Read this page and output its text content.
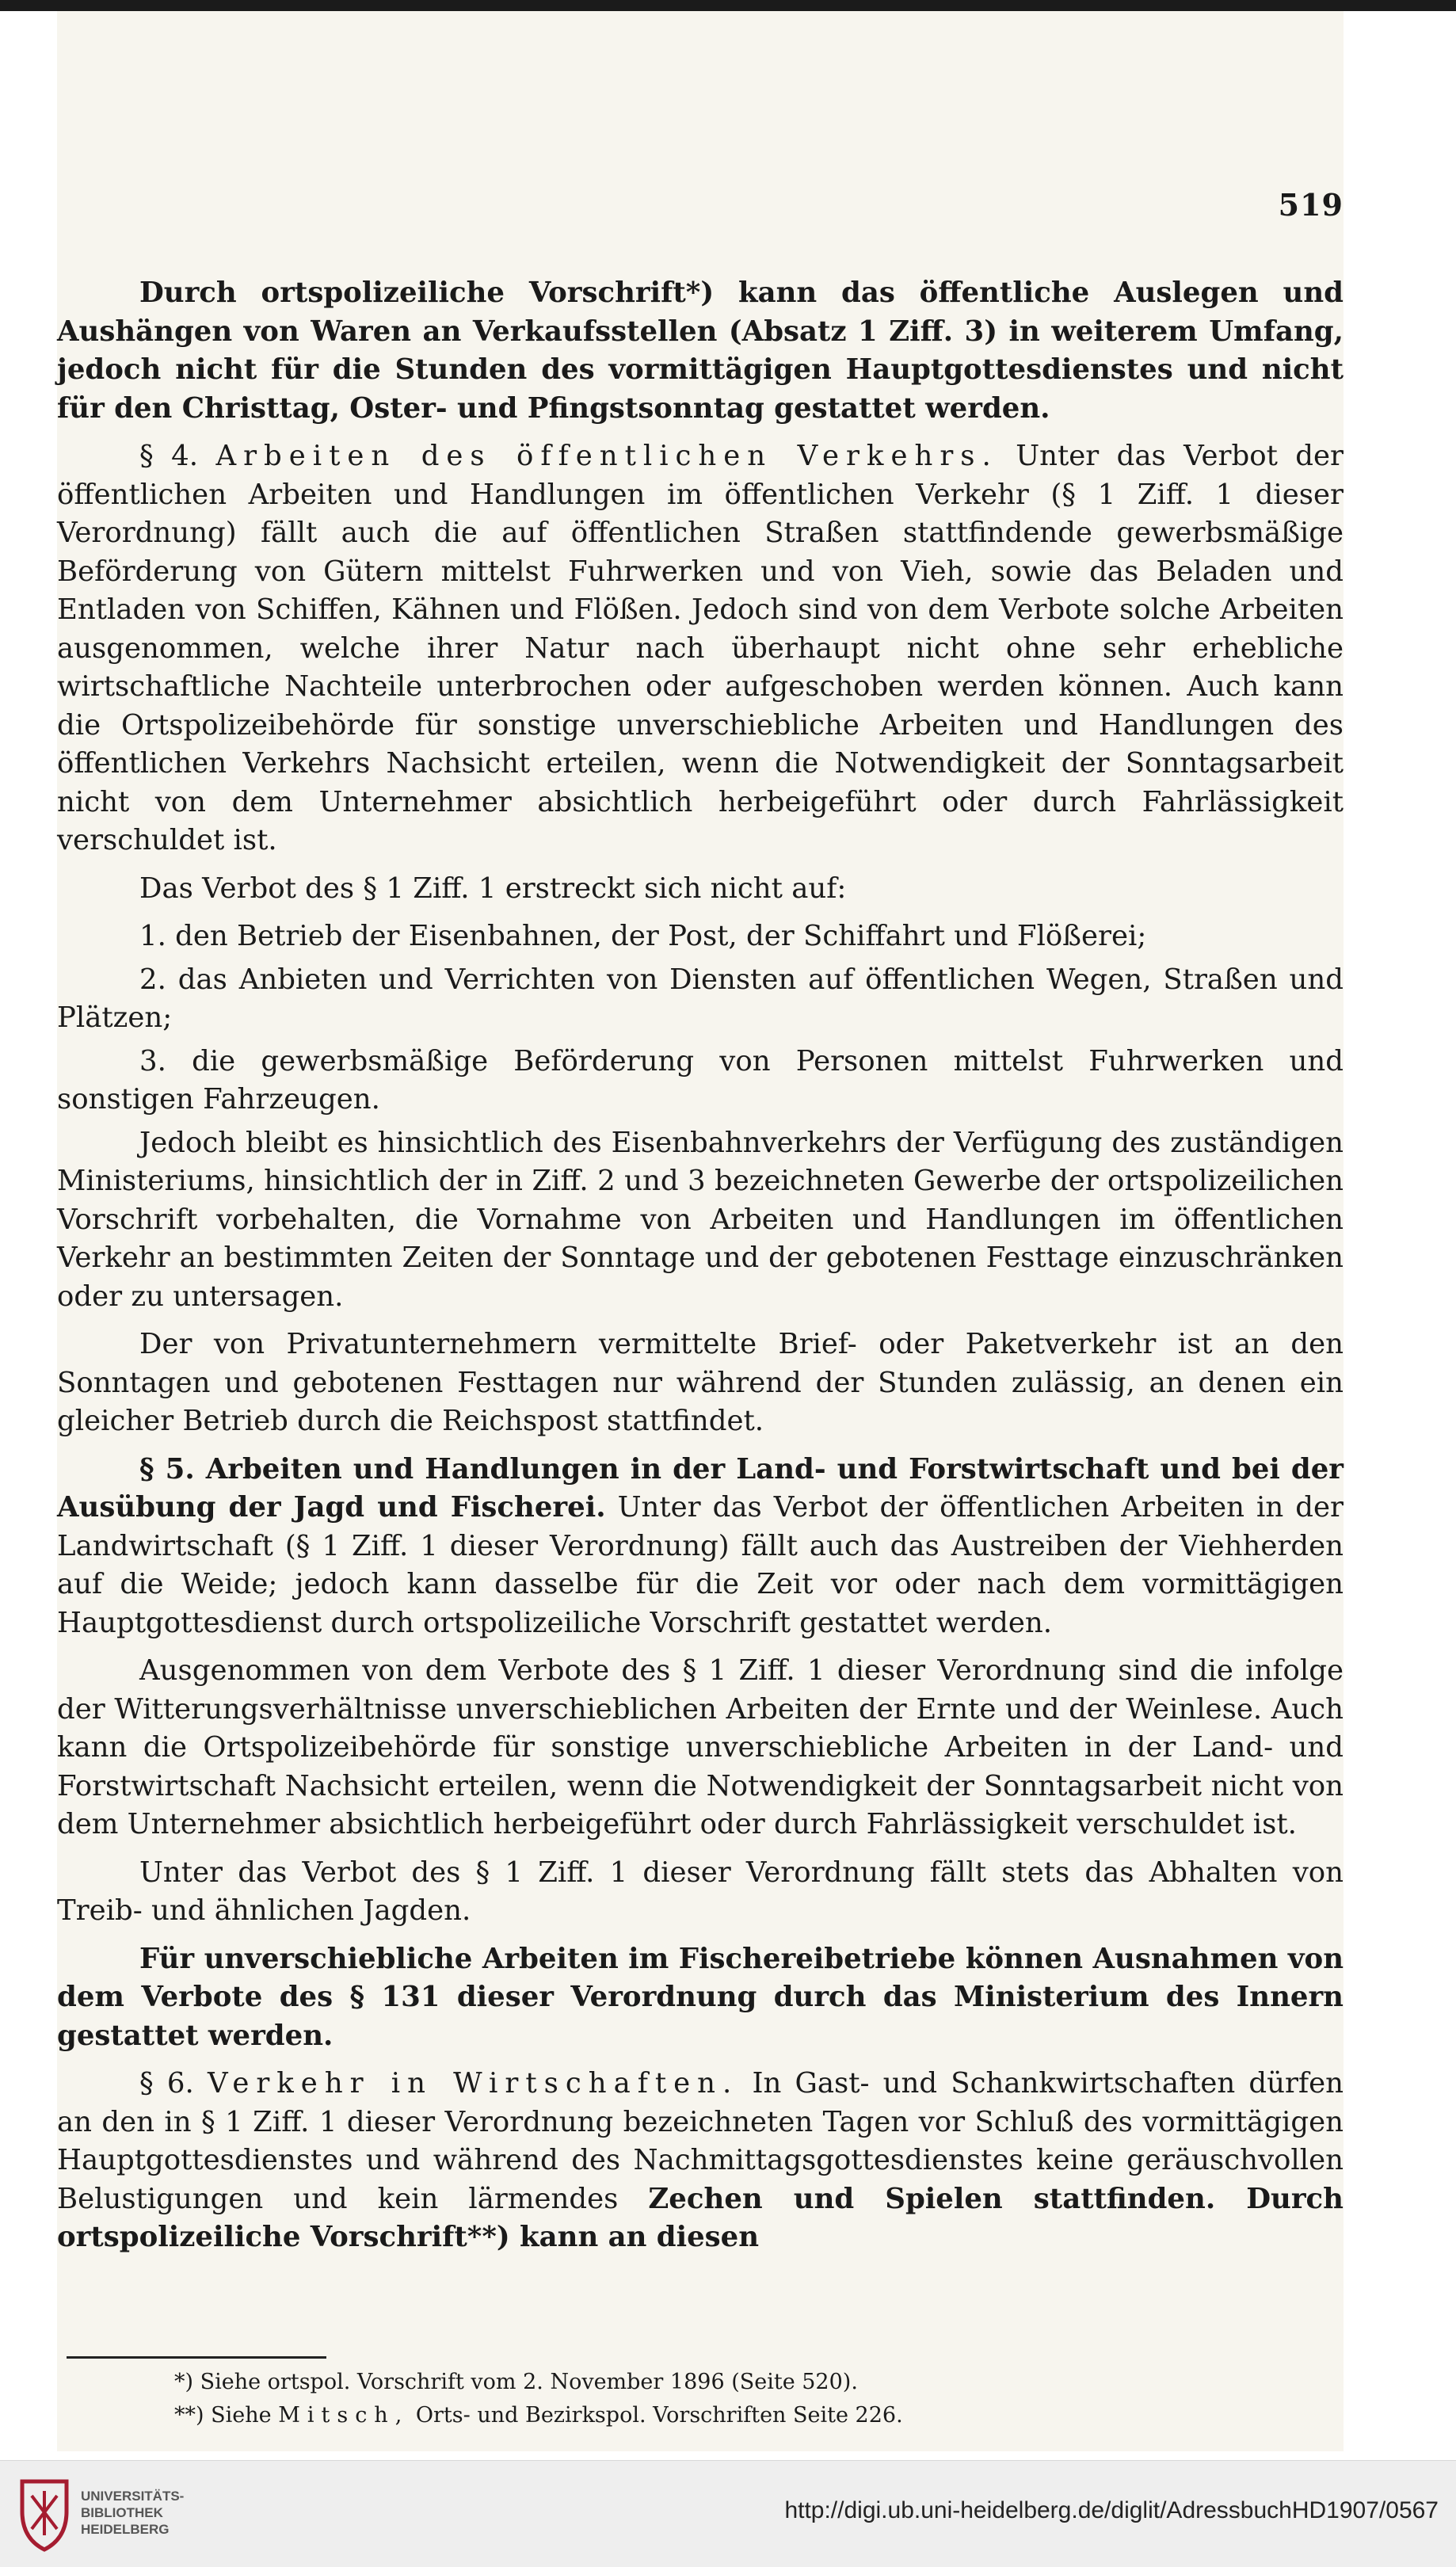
519

Durch ortspolizeiliche Vorschrift*) kann das öffentliche Auslegen und Aushängen von Waren an Verkaufsstellen (Absatz 1 Ziff. 3) in weiterem Umfang, jedoch nicht für die Stunden des vormittägigen Hauptgottesdienstes und nicht für den Christtag, Oster- und Pfingstsonntag gestattet werden.

§ 4. Arbeiten des öffentlichen Verkehrs. Unter das Verbot der öffentlichen Arbeiten und Handlungen im öffentlichen Verkehr (§ 1 Ziff. 1 dieser Verordnung) fällt auch die auf öffentlichen Straßen stattfindende gewerbsmäßige Beförderung von Gütern mittelst Fuhrwerken und von Vieh, sowie das Beladen und Entladen von Schiffen, Kähnen und Flößen. Jedoch sind von dem Verbote solche Arbeiten ausgenommen, welche ihrer Natur nach überhaupt nicht ohne sehr erhebliche wirtschaftliche Nachteile unterbrochen oder aufgeschoben werden können. Auch kann die Ortspolizeibehörde für sonstige unverschiebliche Arbeiten und Handlungen des öffentlichen Verkehrs Nachsicht erteilen, wenn die Notwendigkeit der Sonntagsarbeit nicht von dem Unternehmer absichtlich herbeigeführt oder durch Fahrlässigkeit verschuldet ist.

Das Verbot des § 1 Ziff. 1 erstreckt sich nicht auf:

1. den Betrieb der Eisenbahnen, der Post, der Schiffahrt und Flößerei;

2. das Anbieten und Verrichten von Diensten auf öffentlichen Wegen, Straßen und Plätzen;

3. die gewerbsmäßige Beförderung von Personen mittelst Fuhrwerken und sonstigen Fahrzeugen.

Jedoch bleibt es hinsichtlich des Eisenbahnverkehrs der Verfügung des zuständigen Ministeriums, hinsichtlich der in Ziff. 2 und 3 bezeichneten Gewerbe der ortspolizeilichen Vorschrift vorbehalten, die Vornahme von Arbeiten und Handlungen im öffentlichen Verkehr an bestimmten Zeiten der Sonntage und der gebotenen Festtage einzuschränken oder zu untersagen.

Der von Privatunternehmern vermittelte Brief- oder Paketverkehr ist an den Sonntagen und gebotenen Festtagen nur während der Stunden zulässig, an denen ein gleicher Betrieb durch die Reichspost stattfindet.

§ 5. Arbeiten und Handlungen in der Land- und Forstwirtschaft und bei der Ausübung der Jagd und Fischerei. Unter das Verbot der öffentlichen Arbeiten in der Landwirtschaft (§ 1 Ziff. 1 dieser Verordnung) fällt auch das Austreiben der Viehherden auf die Weide; jedoch kann dasselbe für die Zeit vor oder nach dem vormittägigen Hauptgottesdienst durch ortspolizeiliche Vorschrift gestattet werden.

Ausgenommen von dem Verbote des § 1 Ziff. 1 dieser Verordnung sind die infolge der Witterungsverhältnisse unverschieblichen Arbeiten der Ernte und der Weinlese. Auch kann die Ortspolizeibehörde für sonstige unverschiebliche Arbeiten in der Land- und Forstwirtschaft Nachsicht erteilen, wenn die Notwendigkeit der Sonntagsarbeit nicht von dem Unternehmer absichtlich herbeigeführt oder durch Fahrlässigkeit verschuldet ist.

Unter das Verbot des § 1 Ziff. 1 dieser Verordnung fällt stets das Abhalten von Treib- und ähnlichen Jagden.

Für unverschiebliche Arbeiten im Fischereibetriebe können Ausnahmen von dem Verbote des § 131 dieser Verordnung durch das Ministerium des Innern gestattet werden.

§ 6. Verkehr in Wirtschaften. In Gast- und Schankwirtschaften dürfen an den in § 1 Ziff. 1 dieser Verordnung bezeichneten Tagen vor Schluß des vormittägigen Hauptgottesdienstes und während des Nachmittagsgottesdienstes keine geräuschvollen Belustigungen und kein lärmendes Zechen und Spielen stattfinden. Durch ortspolizeiliche Vorschrift**) kann an diesen

*) Siehe ortspol. Vorschrift vom 2. November 1896 (Seite 520).
**) Siehe Mitsch, Orts- und Bezirkspol. Vorschriften Seite 226.
UNIVERSITÄTS-
BIBLIOTHEK
HEIDELBERG
http://digi.ub.uni-heidelberg.de/diglit/AdressbuchHD1907/0567
